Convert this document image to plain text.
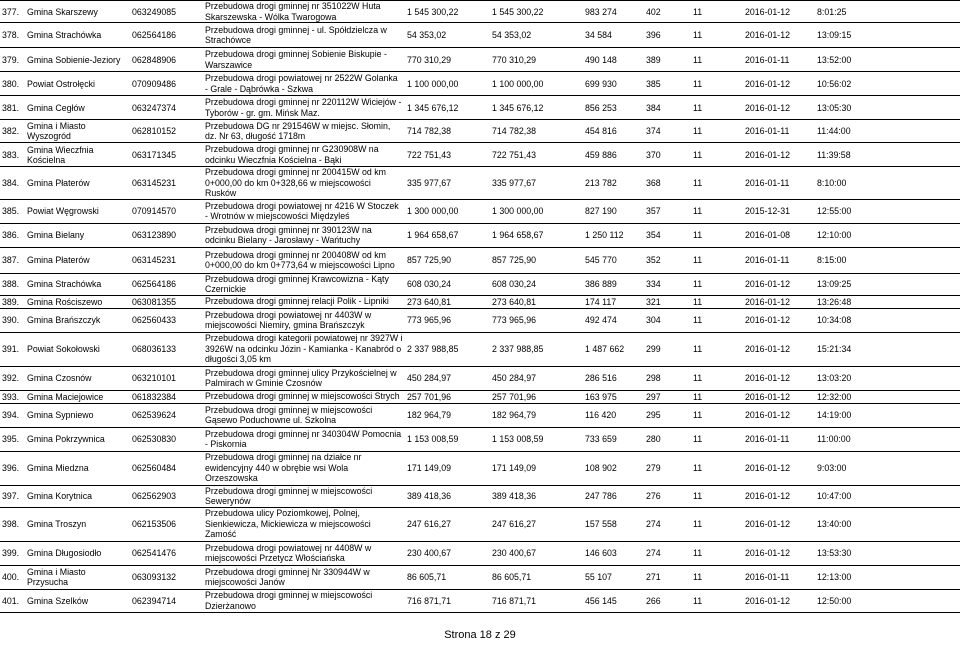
377.	Gmina Skarszewy	063249085	Przebudowa drogi gminnej nr 351022W Huta Skarszewska - Wólka Twarogowa	1 545 300,22	1 545 300,22	983 274	402	11	2016-01-12	8:01:25
378.	Gmina Strachówka	062564186	Przebudowa drogi gminnej - ul. Spółdzielcza w Strachówce	54 353,02	54 353,02	34 584	396	11	2016-01-12	13:09:15
379.	Gmina Sobienie-Jeziory	062848906	Przebudowa drogi gminnej Sobienie Biskupie - Warszawice	770 310,29	770 310,29	490 148	389	11	2016-01-11	13:52:00
380.	Powiat Ostrołęcki	070909486	Przebudowa drogi powiatowej nr 2522W Golanka - Grale - Dąbrówka - Szkwa	1 100 000,00	1 100 000,00	699 930	385	11	2016-01-12	10:56:02
381.	Gmina Cegłów	063247374	Przebudowa drogi gminnej nr 220112W Wiciejów - Tyborów - gr. gm. Mińsk Maz.	1 345 676,12	1 345 676,12	856 253	384	11	2016-01-12	13:05:30
382.	Gmina i Miasto Wyszogród	062810152	Przebudowa DG nr 291546W w miejsc. Słomin, dz. Nr 63, długość 1718m	714 782,38	714 782,38	454 816	374	11	2016-01-11	11:44:00
383.	Gmina Wieczfnia Kościelna	063171345	Przebudowa drogi gminnej nr G230908W na odcinku Wieczfnia Kościelna - Bąki	722 751,43	722 751,43	459 886	370	11	2016-01-12	11:39:58
384.	Gmina Płaterów	063145231	Przebudowa drogi gminnej nr 200415W od km 0+000,00 do km 0+328,66 w miejscowości Rusków	335 977,67	335 977,67	213 782	368	11	2016-01-11	8:10:00
385.	Powiat Węgrowski	070914570	Przebudowa drogi powiatowej nr 4216 W Stoczek - Wrotnów w miejscowości Międzyleś	1 300 000,00	1 300 000,00	827 190	357	11	2015-12-31	12:55:00
386.	Gmina Bielany	063123890	Przebudowa drogi gminnej nr 390123W na odcinku Bielany - Jarosławy - Wańtuchy	1 964 658,67	1 964 658,67	1 250 112	354	11	2016-01-08	12:10:00
387.	Gmina Płaterów	063145231	Przebudowa drogi gminnej nr 200408W od km 0+000,00 do km 0+773,64 w miejscowości Lipno	857 725,90	857 725,90	545 770	352	11	2016-01-11	8:15:00
388.	Gmina Strachówka	062564186	Przebudowa drogi gminnej Krawcowizna - Kąty Czernickie	608 030,24	608 030,24	386 889	334	11	2016-01-12	13:09:25
389.	Gmina Rościszewo	063081355	Przebudowa drogi gminnej relacji Polik - Lipniki	273 640,81	273 640,81	174 117	321	11	2016-01-12	13:26:48
390.	Gmina Brańszczyk	062560433	Przebudowa drogi powiatowej nr 4403W w miejscowości Niemiry, gmina Brańszczyk	773 965,96	773 965,96	492 474	304	11	2016-01-12	10:34:08
391.	Powiat Sokołowski	068036133	Przebudowa drogi kategorii powiatowej nr 3927W i 3926W na odcinku Józin - Kamianka - Kanabród o długości 3,05 km	2 337 988,85	2 337 988,85	1 487 662	299	11	2016-01-12	15:21:34
392.	Gmina Czosnów	063210101	Przebudowa drogi gminnej ulicy Przykościelnej w Palmirach w Gminie Czosnów	450 284,97	450 284,97	286 516	298	11	2016-01-12	13:03:20
393.	Gmina Maciejowice	061832384	Przebudowa drogi gminnej w miejscowości Strych	257 701,96	257 701,96	163 975	297	11	2016-01-12	12:32:00
394.	Gmina Sypniewo	062539624	Przebudowa drogi gminnej w miejscowości Gąsewo Poduchowne ul. Szkolna	182 964,79	182 964,79	116 420	295	11	2016-01-12	14:19:00
395.	Gmina Pokrzywnica	062530830	Przebudowa drogi gminnej nr 340304W Pomocnia - Piskornia	1 153 008,59	1 153 008,59	733 659	280	11	2016-01-11	11:00:00
396.	Gmina Miedzna	062560484	Przebudowa drogi gminnej na działce nr ewidencyjny 440 w obrębie wsi Wola Orzeszowska	171 149,09	171 149,09	108 902	279	11	2016-01-12	9:03:00
397.	Gmina Korytnica	062562903	Przebudowa drogi gminnej w miejscowości Sewerynów	389 418,36	389 418,36	247 786	276	11	2016-01-12	10:47:00
398.	Gmina Troszyn	062153506	Przebudowa ulicy Poziomkowej, Polnej, Sienkiewicza, Mickiewicza w miejscowości Zamość	247 616,27	247 616,27	157 558	274	11	2016-01-12	13:40:00
399.	Gmina Długosiodło	062541476	Przebudowa drogi powiatowej nr 4408W w miejscowości Przetycz Włościańska	230 400,67	230 400,67	146 603	274	11	2016-01-12	13:53:30
400.	Gmina i Miasto Przysucha	063093132	Przebudowa drogi gminnej Nr 330944W w miejscowości Janów	86 605,71	86 605,71	55 107	271	11	2016-01-11	12:13:00
401.	Gmina Szelków	062394714	Przebudowa drogi gminnej w miejscowości Dzierżanowo	716 871,71	716 871,71	456 145	266	11	2016-01-12	12:50:00
Strona 18 z 29
